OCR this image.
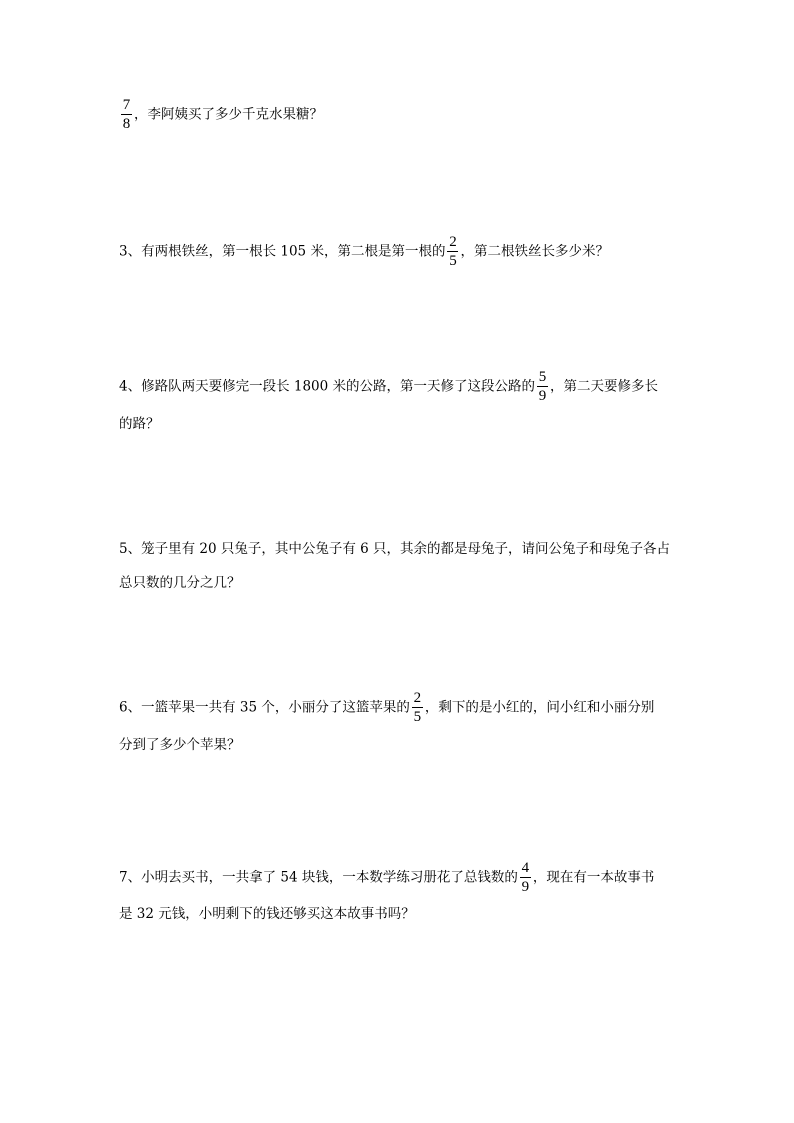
$\frac{7}{8}$ ，李阿姨买了多少千克水果糖？
3、有两根铁丝，第一根长 105 米，第二根是第一根的 $\frac{2}{5}$ ，第二根铁丝长多少米？
4、修路队两天要修完一段长 1800 米的公路，第一天修了这段公路的 $\frac{5}{9}$ ，第二天要修多长
的路？
5、笼子里有 20 只兔子，其中公兔子有 6 只，其余的都是母兔子，请问公兔子和母兔子各占
总只数的几分之几？
6、一篮苹果一共有 35 个，小丽分了这篮苹果的 $\frac{2}{5}$ ，剩下的是小红的，问小红和小丽分别
分到了多少个苹果？
7、小明去买书，一共拿了 54 块钱，一本数学练习册花了总钱数的 $\frac{4}{9}$ ，现在有一本故事书
是 32 元钱，小明剩下的钱还够买这本故事书吗？
